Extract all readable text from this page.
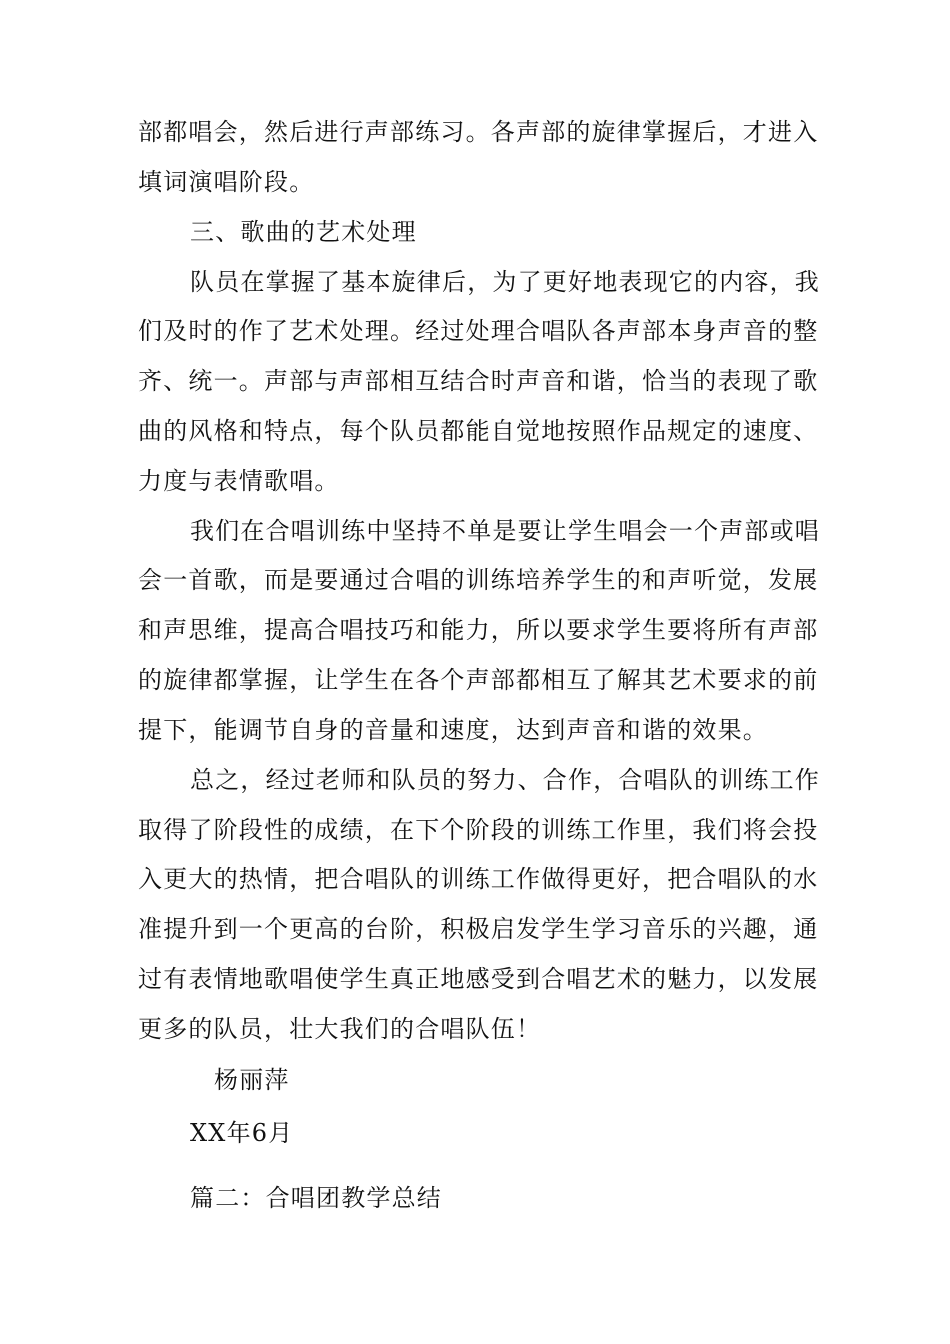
部都唱会，然后进行声部练习。各声部的旋律掌握后，才进入
填词演唱阶段。
三、歌曲的艺术处理
队员在掌握了基本旋律后，为了更好地表现它的内容，我
们及时的作了艺术处理。经过处理合唱队各声部本身声音的整
齐、统一。声部与声部相互结合时声音和谐，恰当的表现了歌
曲的风格和特点，每个队员都能自觉地按照作品规定的速度、
力度与表情歌唱。
我们在合唱训练中坚持不单是要让学生唱会一个声部或唱
会一首歌，而是要通过合唱的训练培养学生的和声听觉，发展
和声思维，提高合唱技巧和能力，所以要求学生要将所有声部
的旋律都掌握，让学生在各个声部都相互了解其艺术要求的前
提下，能调节自身的音量和速度，达到声音和谐的效果。
总之，经过老师和队员的努力、合作，合唱队的训练工作
取得了阶段性的成绩，在下个阶段的训练工作里，我们将会投
入更大的热情，把合唱队的训练工作做得更好，把合唱队的水
准提升到一个更高的台阶，积极启发学生学习音乐的兴趣，通
过有表情地歌唱使学生真正地感受到合唱艺术的魅力，以发展
更多的队员，壮大我们的合唱队伍！
杨丽萍
XX年6月
篇二：合唱团教学总结
